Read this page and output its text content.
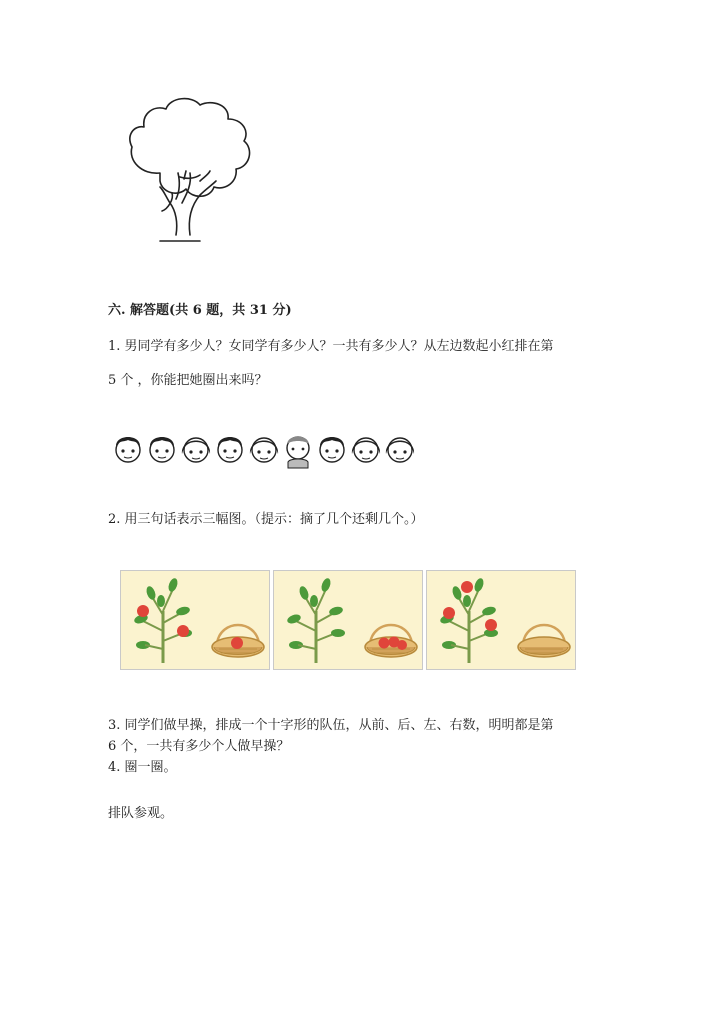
六. 解答题(共 6 题，共 31 分)
1. 男同学有多少人？女同学有多少人？一共有多少人？从左边数起小红排在第
5 个 ，你能把她圈出来吗？
2. 用三句话表示三幅图。（提示：摘了几个还剩几个。）
3. 同学们做早操，排成一个十字形的队伍，从前、后、左、右数，明明都是第
6 个，一共有多少个人做早操？
4. 圈一圈。
排队参观。
